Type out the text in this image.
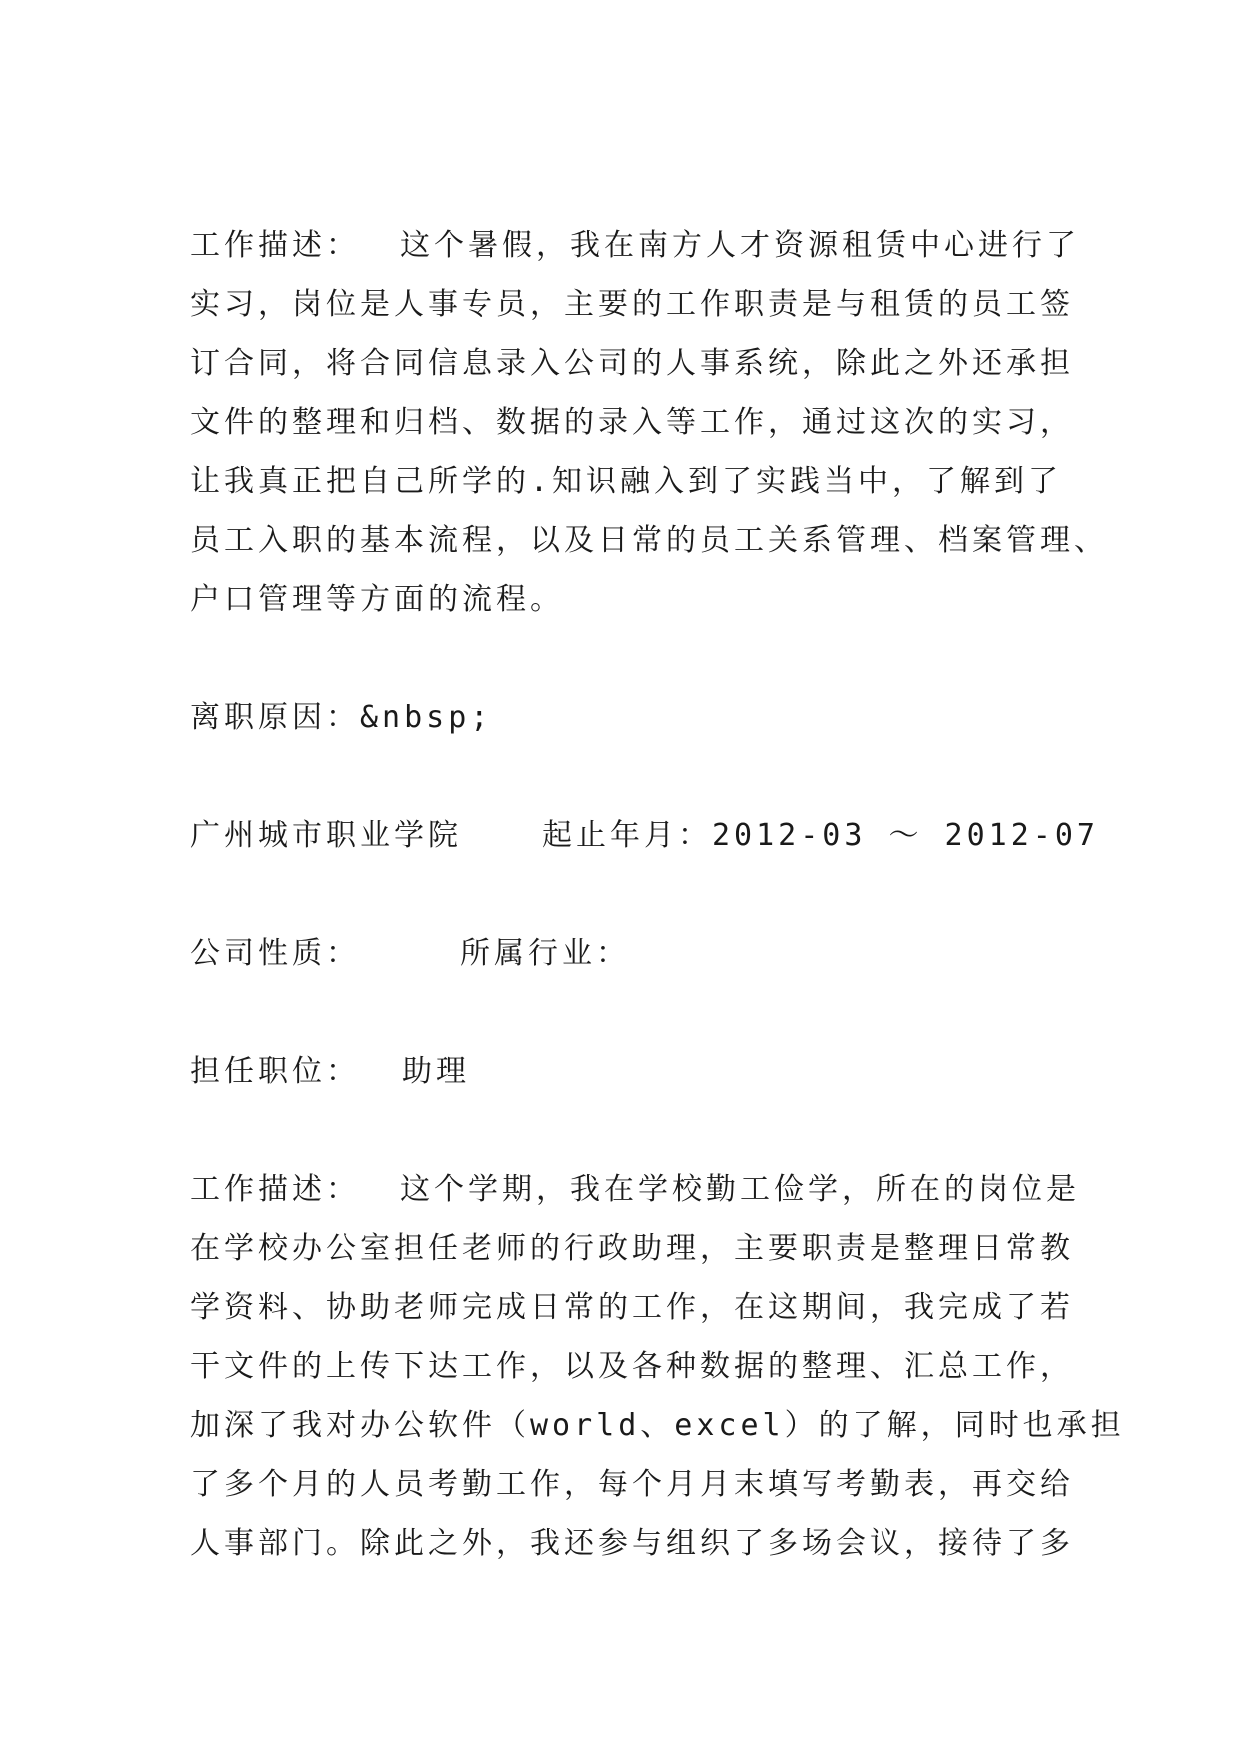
工作描述： 这个暑假，我在南方人才资源租赁中心进行了
实习，岗位是人事专员，主要的工作职责是与租赁的员工签
订合同，将合同信息录入公司的人事系统，除此之外还承担
文件的整理和归档、数据的录入等工作，通过这次的实习，
让我真正把自己所学的.知识融入到了实践当中，了解到了
员工入职的基本流程，以及日常的员工关系管理、档案管理、
户口管理等方面的流程。
离职原因：&nbsp;
广州城市职业学院	起止年月：2012-03 ～ 2012-07
公司性质：	所属行业：
担任职位： 助理
工作描述： 这个学期，我在学校勤工俭学，所在的岗位是
在学校办公室担任老师的行政助理，主要职责是整理日常教
学资料、协助老师完成日常的工作，在这期间，我完成了若
干文件的上传下达工作，以及各种数据的整理、汇总工作，
加深了我对办公软件（world、excel）的了解，同时也承担
了多个月的人员考勤工作，每个月月末填写考勤表，再交给
人事部门。除此之外，我还参与组织了多场会议，接待了多
